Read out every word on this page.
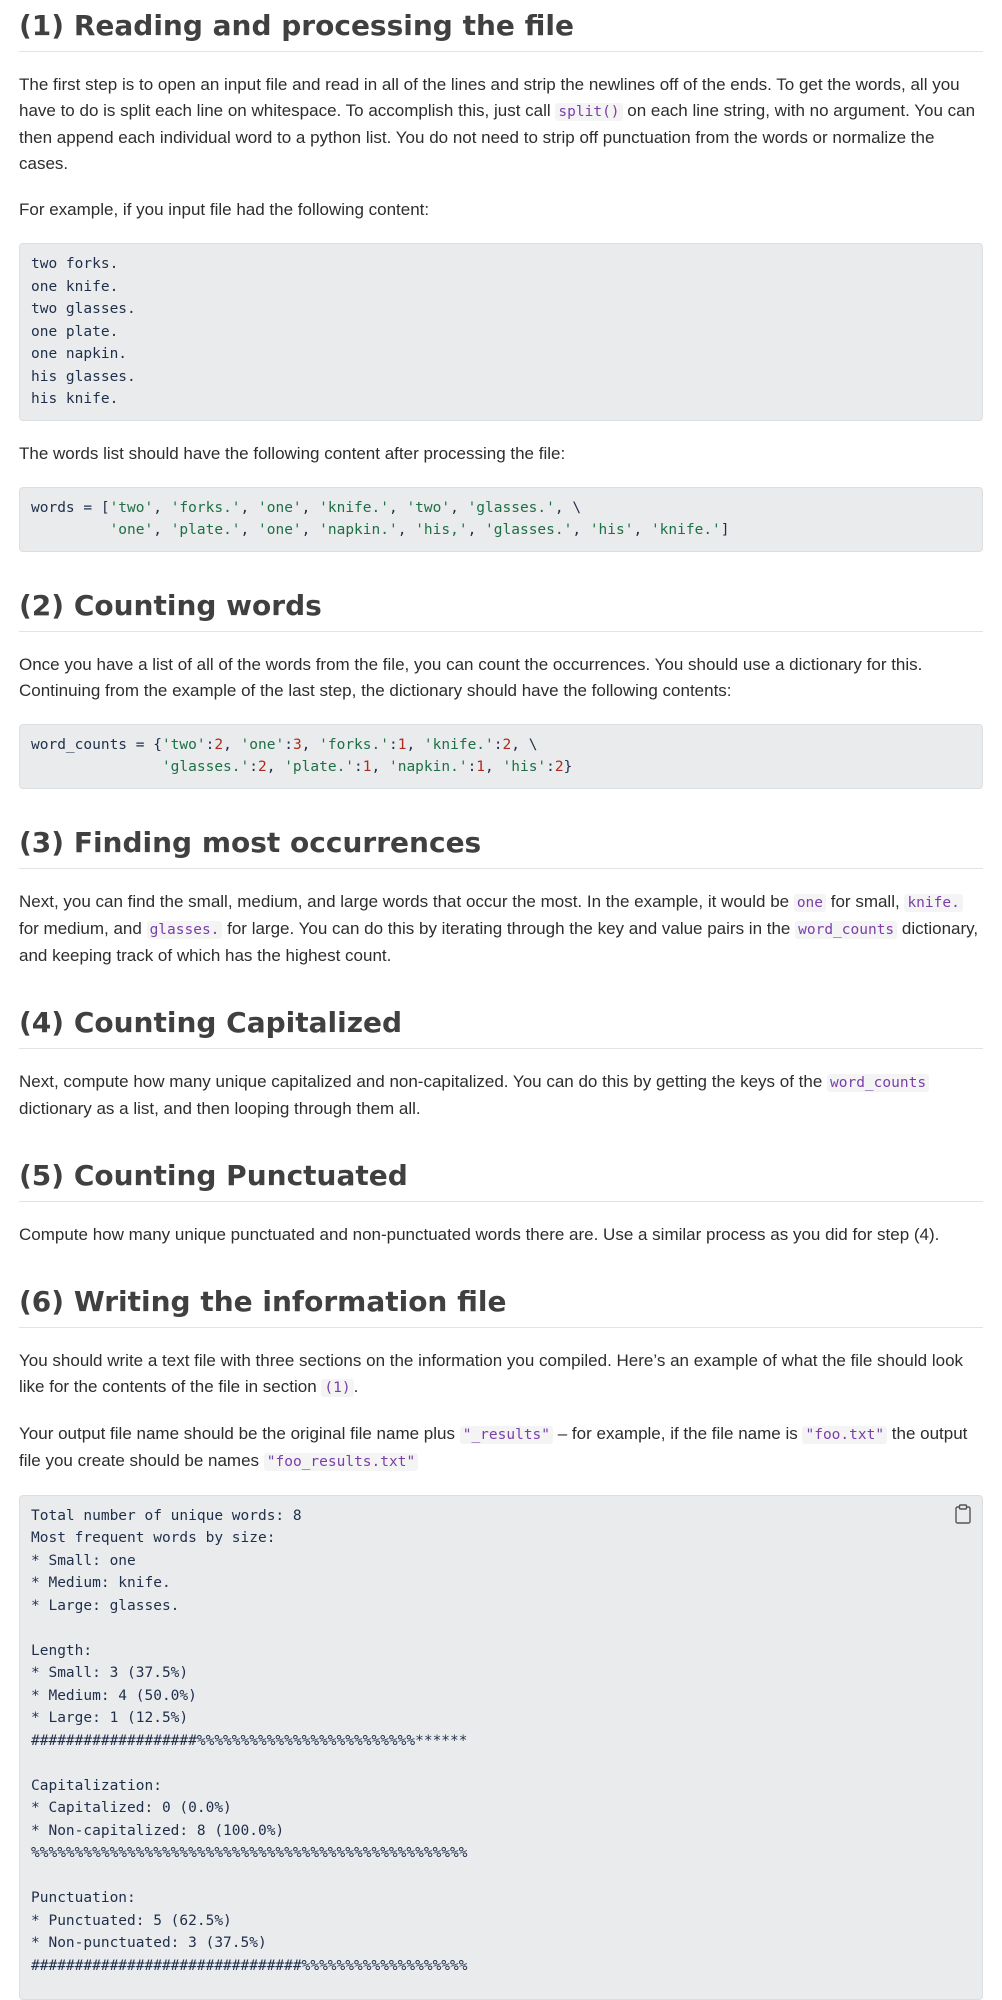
(1) Reading and processing the file

The first step is to open an input file and read in all of the lines and strip the newlines off of the ends. To get the words, all you have to do is split each line on whitespace. To accomplish this, just call split() on each line string, with no argument. You can then append each individual word to a python list. You do not need to strip off punctuation from the words or normalize the cases.

For example, if you input file had the following content:

two forks.
one knife.
two glasses.
one plate.
one napkin.
his glasses.
his knife.

The words list should have the following content after processing the file:

words = ['two', 'forks.', 'one', 'knife.', 'two', 'glasses.', \
'one', 'plate.', 'one', 'napkin.', 'his,', 'glasses.', 'his', 'knife.']
(2) Counting words

Once you have a list of all of the words from the file, you can count the occurrences. You should use a dictionary for this. Continuing from the example of the last step, the dictionary should have the following contents:

word_counts = {'two':2, 'one':3, 'forks.':1, 'knife.':2, \
'glasses.':2, 'plate.':1, 'napkin.':1, 'his':2}
(3) Finding most occurrences

Next, you can find the small, medium, and large words that occur the most. In the example, it would be one for small, knife. for medium, and glasses. for large. You can do this by iterating through the key and value pairs in the word_counts dictionary, and keeping track of which has the highest count.

(4) Counting Capitalized

Next, compute how many unique capitalized and non-capitalized. You can do this by getting the keys of the word_counts dictionary as a list, and then looping through them all.

(5) Counting Punctuated

Compute how many unique punctuated and non-punctuated words there are. Use a similar process as you did for step (4).

(6) Writing the information file

You should write a text file with three sections on the information you compiled. Here’s an example of what the file should look like for the contents of the file in section (1) .

Your output file name should be the original file name plus "_results" – for example, if the file name is "foo.txt" the output file you create should be names "foo_results.txt"

Total number of unique words: 8
Most frequent words by size:
* Small: one
* Medium: knife.
* Large: glasses.

Length:
* Small: 3 (37.5%)
* Medium: 4 (50.0%)
* Large: 1 (12.5%)
###################%%%%%%%%%%%%%%%%%%%%%%%%%******

Capitalization:
* Capitalized: 0 (0.0%)
* Non-capitalized: 8 (100.0%)
%%%%%%%%%%%%%%%%%%%%%%%%%%%%%%%%%%%%%%%%%%%%%%%%%%

Punctuation:
* Punctuated: 5 (62.5%)
* Non-punctuated: 3 (37.5%)
###############################%%%%%%%%%%%%%%%%%%%
